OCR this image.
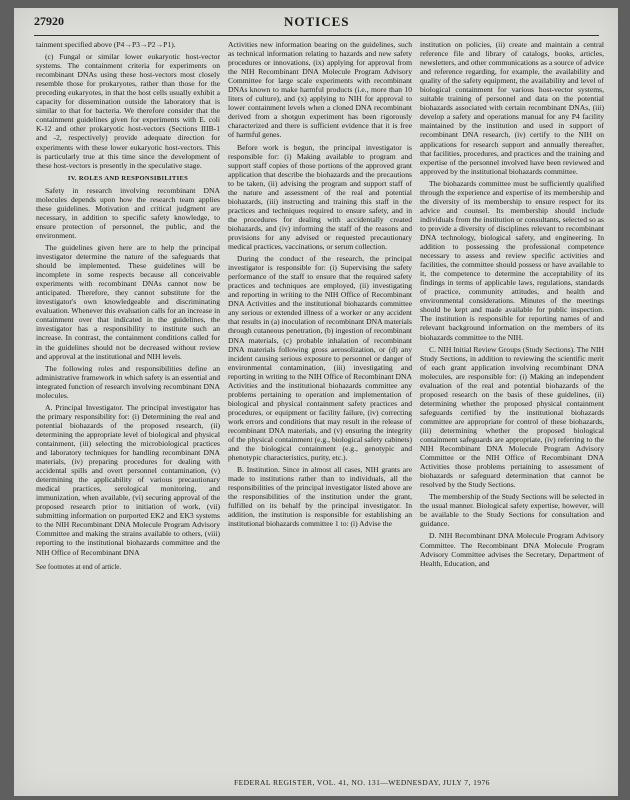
27920	NOTICES

tainment specified above (P4→P3→P2→P1).

(c) Fungal or similar lower eukaryotic host-vector systems. The containment criteria for experiments on recombinant DNAs using these host-vectors most closely resemble those for prokaryotes, rather than those for the preceding eukaryotes, in that the host cells usually exhibit a capacity for dissemination outside the laboratory that is similar to that for bacteria. We therefore consider that the containment guidelines given for experiments with E. coli K-12 and other prokaryotic host-vectors (Sections IIIB-1 and -2, respectively) provide adequate direction for experiments with these lower eukaryotic host-vectors. This is particularly true at this time since the development of these host-vectors is presently in the speculative stage.

IV. ROLES AND RESPONSIBILITIES

Safety in research involving recombinant DNA molecules depends upon how the research team applies these guidelines. Motivation and critical judgment are necessary, in addition to specific safety knowledge, to ensure protection of personnel, the public, and the environment.

The guidelines given here are to help the principal investigator determine the nature of the safeguards that should be implemented. These guidelines will be incomplete in some respects because all conceivable experiments with recombinant DNAs cannot now be anticipated. Therefore, they cannot substitute for the investigator's own knowledgeable and discriminating evaluation. Whenever this evaluation calls for an increase in containment over that indicated in the guidelines, the investigator has a responsibility to institute such an increase. In contrast, the containment conditions called for in the guidelines should not be decreased without review and approval at the institutional and NIH levels.

The following roles and responsibilities define an administrative framework in which safety is an essential and integrated function of research involving recombinant DNA molecules.

A. Principal Investigator. The principal investigator has the primary responsibility for: (i) Determining the real and potential biohazards of the proposed research, (ii) determining the appropriate level of biological and physical containment, (iii) selecting the microbiological practices and laboratory techniques for handling recombinant DNA materials, (iv) preparing procedures for dealing with accidental spills and overt personnel contamination, (v) determining the applicability of various precautionary medical practices, serological monitoring, and immunization, when available, (vi) securing approval of the proposed research prior to initiation of work, (vii) submitting information on purported EK2 and EK3 systems to the NIH Recombinant DNA Molecule Program Advisory Committee and making the strains available to others, (viii) reporting to the institutional biohazards committee and the NIH Office of Recombinant DNA

See footnotes at end of article.

Activities new information bearing on the guidelines, such as technical information relating to hazards and new safety procedures or innovations, (ix) applying for approval from the NIH Recombinant DNA Molecule Program Advisory Committee for large scale experiments with recombinant DNAs known to make harmful products (i.e., more than 10 liters of culture), and (x) applying to NIH for approval to lower containment levels when a cloned DNA recombinant derived from a shotgun experiment has been rigorously characterized and there is sufficient evidence that it is free of harmful genes.

Before work is begun, the principal investigator is responsible for: (i) Making available to program and support staff copies of those portions of the approved grant application that describe the biohazards and the precautions to be taken, (ii) advising the program and support staff of the nature and assessment of the real and potential biohazards, (iii) instructing and training this staff in the practices and techniques required to ensure safety, and in the procedures for dealing with accidentally created biohazards, and (iv) informing the staff of the reasons and provisions for any advised or requested precautionary medical practices, vaccinations, or serum collection.

During the conduct of the research, the principal investigator is responsible for: (i) Supervising the safety performance of the staff to ensure that the required safety practices and techniques are employed, (ii) investigating and reporting in writing to the NIH Office of Recombinant DNA Activities and the institutional biohazards committee any serious or extended illness of a worker or any accident that results in (a) inoculation of recombinant DNA materials through cutaneous penetration, (b) ingestion of recombinant DNA materials, (c) probable inhalation of recombinant DNA materials following gross aerosolization, or (d) any incident causing serious exposure to personnel or danger of environmental contamination, (iii) investigating and reporting in writing to the NIH Office of Recombinant DNA Activities and the institutional biohazards committee any problems pertaining to operation and implementation of biological and physical containment safety practices and procedures, or equipment or facility failure, (iv) correcting work errors and conditions that may result in the release of recombinant DNA materials, and (v) ensuring the integrity of the physical containment (e.g., biological safety cabinets) and the biological containment (e.g., genotypic and phenotypic characteristics, purity, etc.).

B. Institution. Since in almost all cases, NIH grants are made to institutions rather than to individuals, all the responsibilities of the principal investigator listed above are the responsibilities of the institution under the grant, fulfilled on its behalf by the principal investigator. In addition, the institution is responsible for establishing an institutional biohazards committee 1 to: (i) Advise the

institution on policies, (ii) create and maintain a central reference file and library of catalogs, books, articles, newsletters, and other communications as a source of advice and reference regarding, for example, the availability and quality of the safety equipment, the availability and level of biological containment for various host-vector systems, suitable training of personnel and data on the potential biohazards associated with certain recombinant DNAs, (iii) develop a safety and operations manual for any P4 facility maintained by the institution and used in support of recombinant DNA research, (iv) certify to the NIH on applications for research support and annually thereafter, that facilities, procedures, and practices and the training and expertise of the personnel involved have been reviewed and approved by the institutional biohazards committee.

The biohazards committee must be sufficiently qualified through the experience and expertise of its membership and the diversity of its membership to ensure respect for its advice and counsel. Its membership should include individuals from the institution or consultants, selected so as to provide a diversity of disciplines relevant to recombinant DNA technology, biological safety, and engineering. In addition to possessing the professional competence necessary to assess and review specific activities and facilities, the committee should possess or have available to it, the competence to determine the acceptability of its findings in terms of applicable laws, regulations, standards of practice, community attitudes, and health and environmental considerations. Minutes of the meetings should be kept and made available for public inspection. The institution is responsible for reporting names of and relevant background information on the members of its biohazards committee to the NIH.

C. NIH Initial Review Groups (Study Sections). The NIH Study Sections, in addition to reviewing the scientific merit of each grant application involving recombinant DNA molecules, are responsible for: (i) Making an independent evaluation of the real and potential biohazards of the proposed research on the basis of these guidelines, (ii) determining whether the proposed physical containment safeguards certified by the institutional biohazards committee are appropriate for control of these biohazards, (iii) determining whether the proposed biological containment safeguards are appropriate, (iv) referring to the NIH Recombinant DNA Molecule Program Advisory Committee or the NIH Office of Recombinant DNA Activities those problems pertaining to assessment of biohazards or safeguard determination that cannot be resolved by the Study Sections.

The membership of the Study Sections will be selected in the usual manner. Biological safety expertise, however, will be available to the Study Sections for consultation and guidance.

D. NIH Recombinant DNA Molecule Program Advisory Committee. The Recombinant DNA Molecule Program Advisory Committee advises the Secretary, Department of Health, Education, and

FEDERAL REGISTER, VOL. 41, NO. 131—WEDNESDAY, JULY 7, 1976
